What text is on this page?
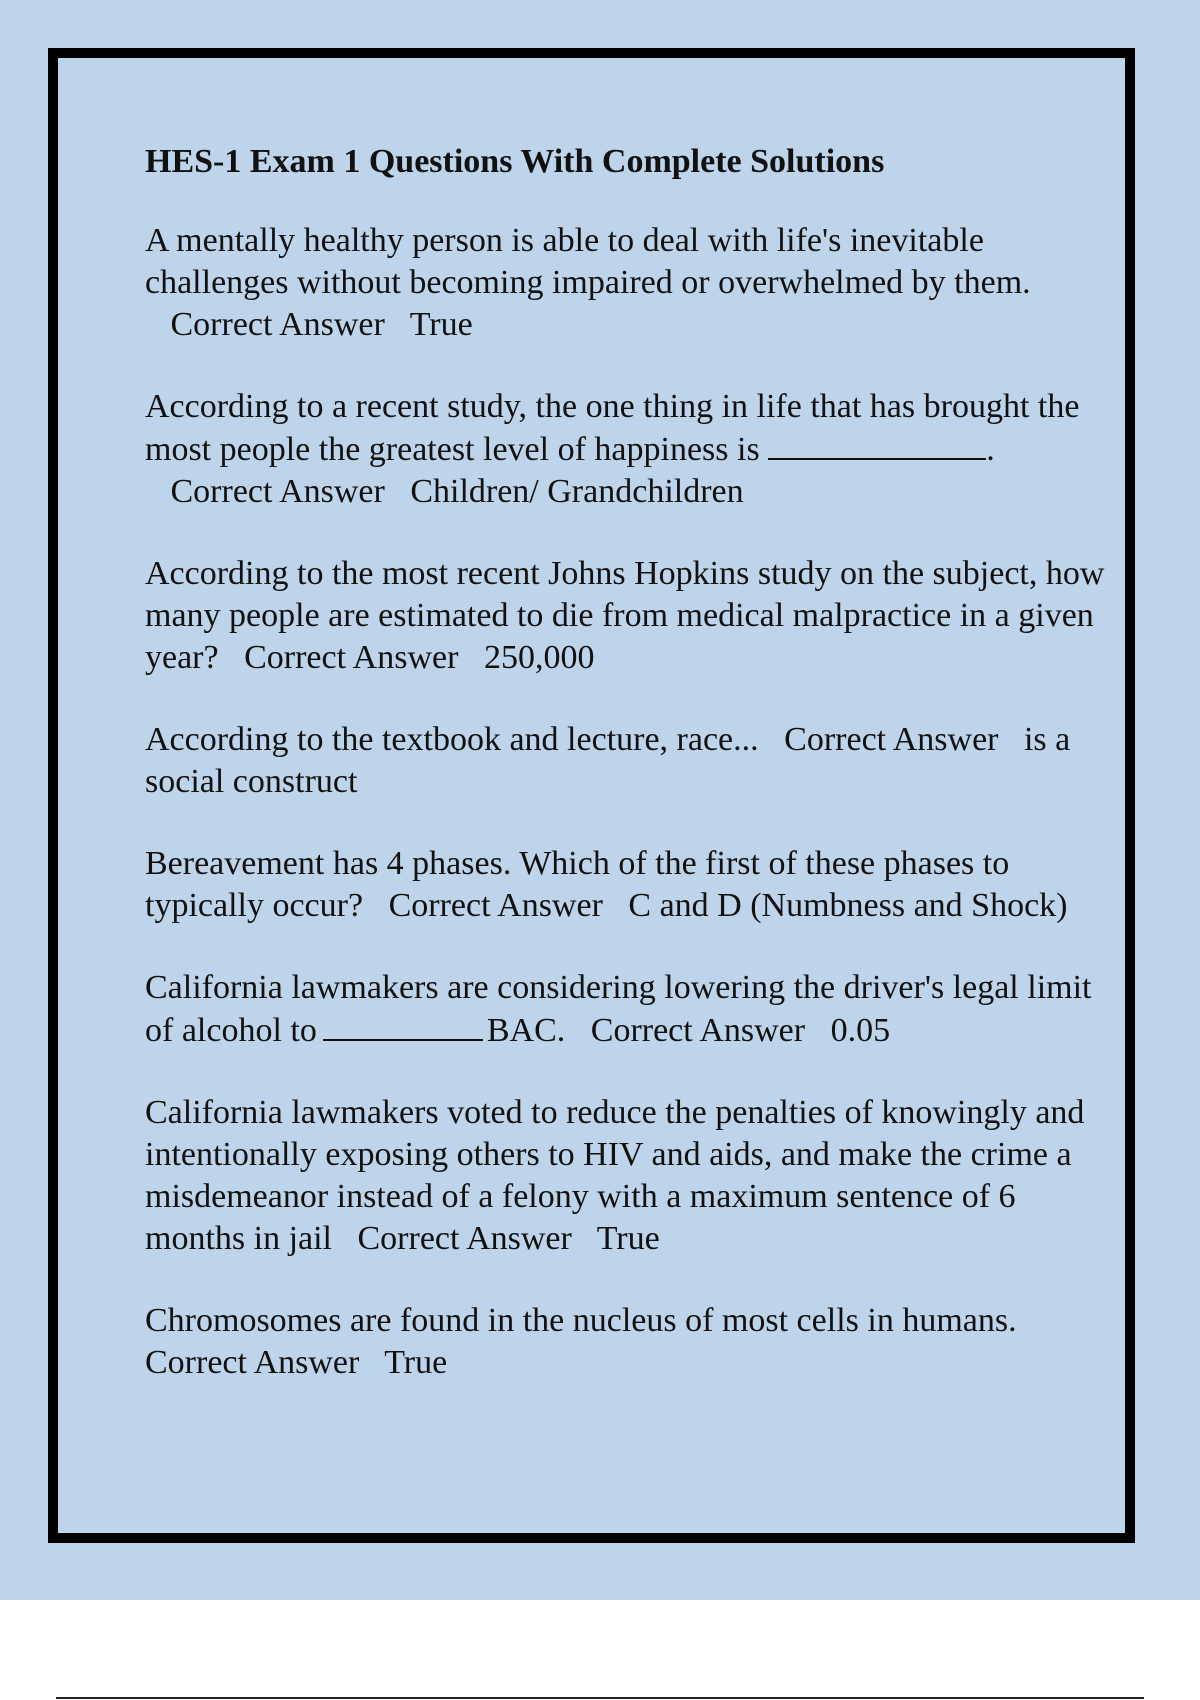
HES-1 Exam 1 Questions With Complete Solutions
A mentally healthy person is able to deal with life's inevitable challenges without becoming impaired or overwhelmed by them.   Correct Answer True
According to a recent study, the one thing in life that has brought the most people the greatest level of happiness is	.   Correct Answer Children/ Grandchildren
According to the most recent Johns Hopkins study on the subject, how many people are estimated to die from medical malpractice in a given year? Correct Answer 250,000
According to the textbook and lecture, race... Correct Answer is a social construct
Bereavement has 4 phases. Which of the first of these phases to typically occur? Correct Answer C and D (Numbness and Shock)
California lawmakers are considering lowering the driver's legal limit of alcohol to	BAC. Correct Answer 0.05
California lawmakers voted to reduce the penalties of knowingly and intentionally exposing others to HIV and aids, and make the crime a misdemeanor instead of a felony with a maximum sentence of 6 months in jail Correct Answer True
Chromosomes are found in the nucleus of most cells in humans.
Correct Answer True
